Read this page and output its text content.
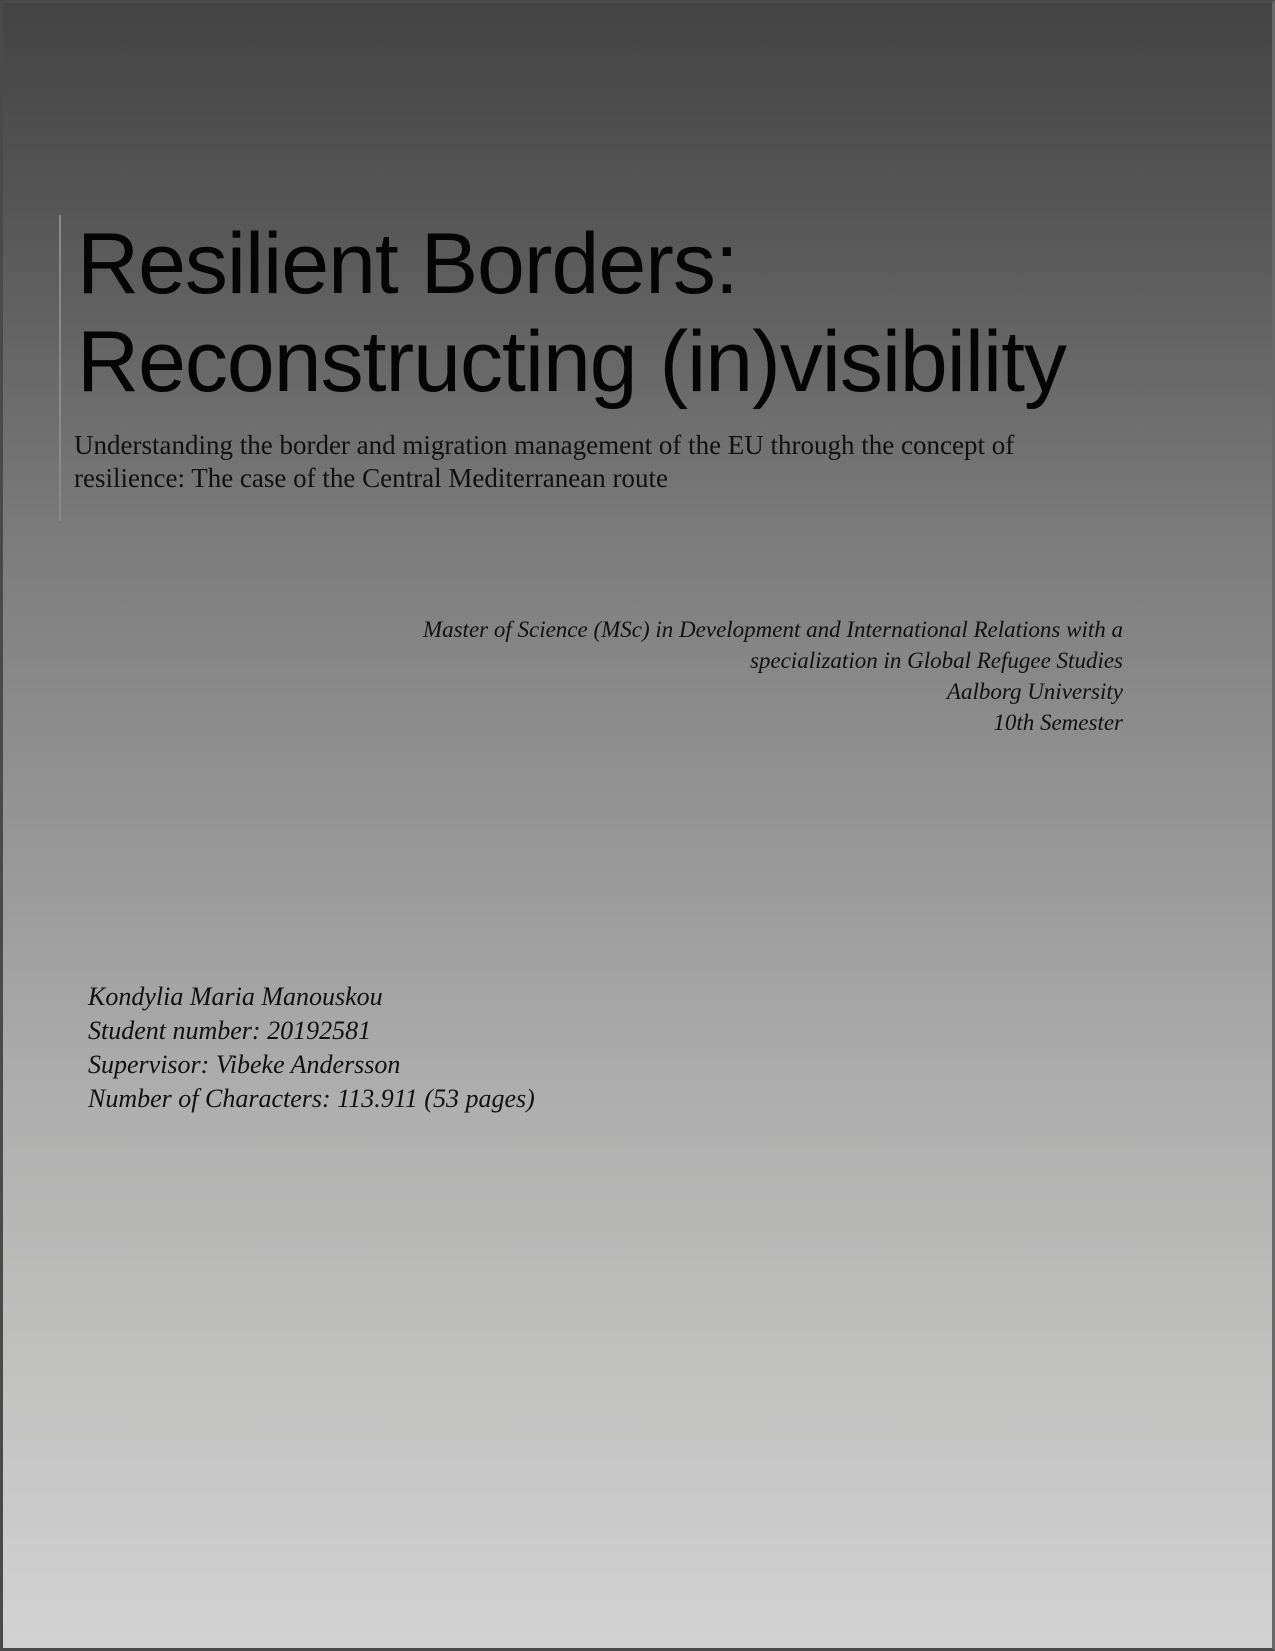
Resilient Borders:
Reconstructing (in)visibility

Understanding the border and migration management of the EU through the concept of resilience: The case of the Central Mediterranean route

Master of Science (MSc) in Development and International Relations with a
specialization in Global Refugee Studies
Aalborg University
10th Semester
Kondylia Maria Manouskou
Student number: 20192581
Supervisor: Vibeke Andersson
Number of Characters: 113.911 (53 pages)
